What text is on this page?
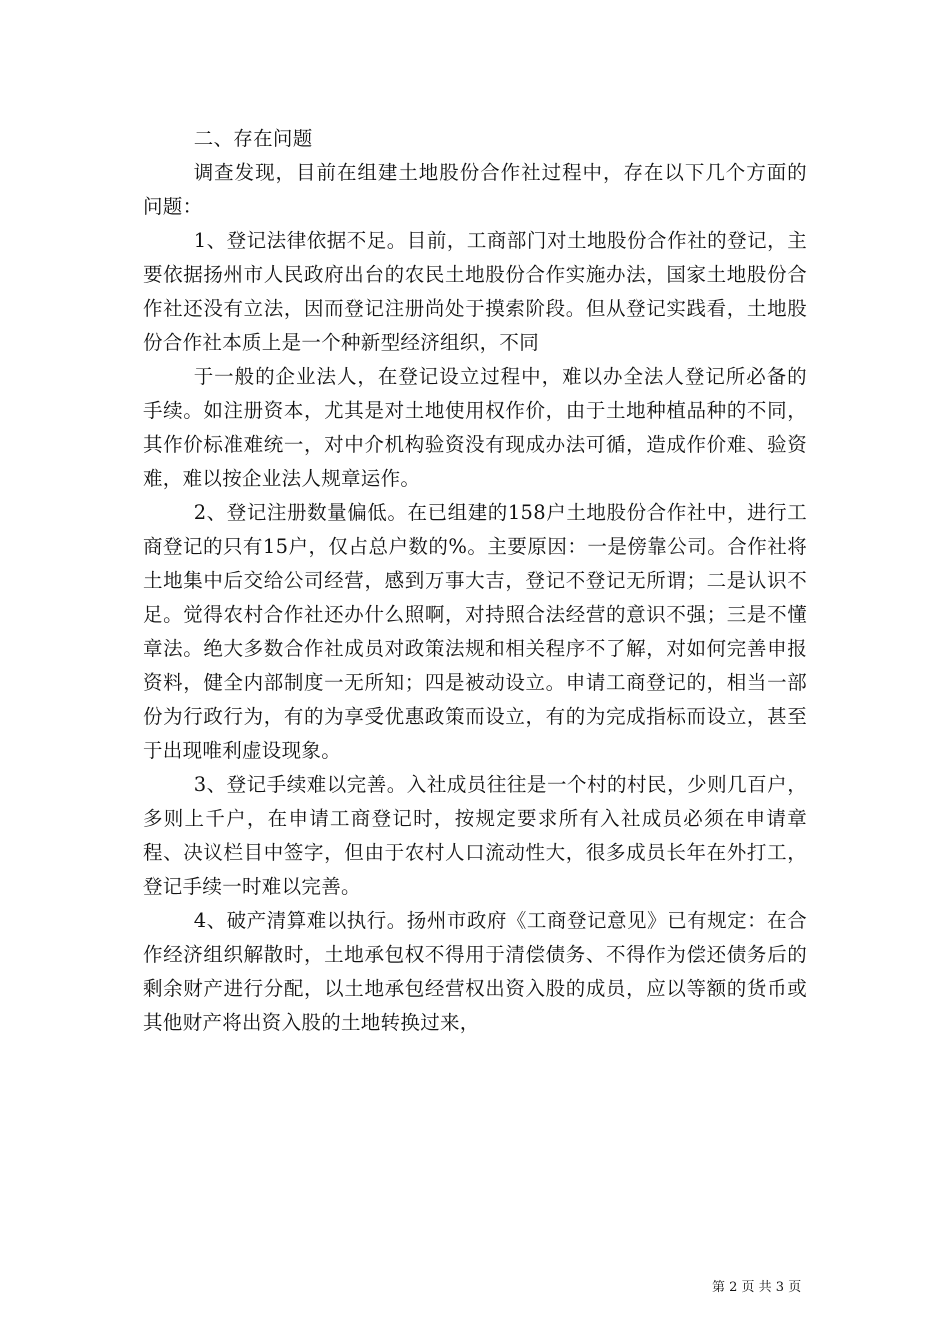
二、存在问题

调查发现，目前在组建土地股份合作社过程中，存在以下几个方面的问题：

1、登记法律依据不足。目前，工商部门对土地股份合作社的登记，主要依据扬州市人民政府出台的农民土地股份合作实施办法，国家土地股份合作社还没有立法，因而登记注册尚处于摸索阶段。但从登记实践看，土地股份合作社本质上是一个种新型经济组织，不同

于一般的企业法人，在登记设立过程中，难以办全法人登记所必备的手续。如注册资本，尤其是对土地使用权作价，由于土地种植品种的不同，其作价标准难统一，对中介机构验资没有现成办法可循，造成作价难、验资难，难以按企业法人规章运作。

2、登记注册数量偏低。在已组建的158户土地股份合作社中，进行工商登记的只有15户，仅占总户数的%。主要原因：一是傍靠公司。合作社将土地集中后交给公司经营，感到万事大吉，登记不登记无所谓；二是认识不足。觉得农村合作社还办什么照啊，对持照合法经营的意识不强；三是不懂章法。绝大多数合作社成员对政策法规和相关程序不了解，对如何完善申报资料，健全内部制度一无所知；四是被动设立。申请工商登记的，相当一部份为行政行为，有的为享受优惠政策而设立，有的为完成指标而设立，甚至于出现唯利虚设现象。

3、登记手续难以完善。入社成员往往是一个村的村民，少则几百户，多则上千户，在申请工商登记时，按规定要求所有入社成员必须在申请章程、决议栏目中签字，但由于农村人口流动性大，很多成员长年在外打工，登记手续一时难以完善。

4、破产清算难以执行。扬州市政府《工商登记意见》已有规定：在合作经济组织解散时，土地承包权不得用于清偿债务、不得作为偿还债务后的剩余财产进行分配，以土地承包经营权出资入股的成员，应以等额的货币或其他财产将出资入股的土地转换过来，

第 2 页 共 3 页
